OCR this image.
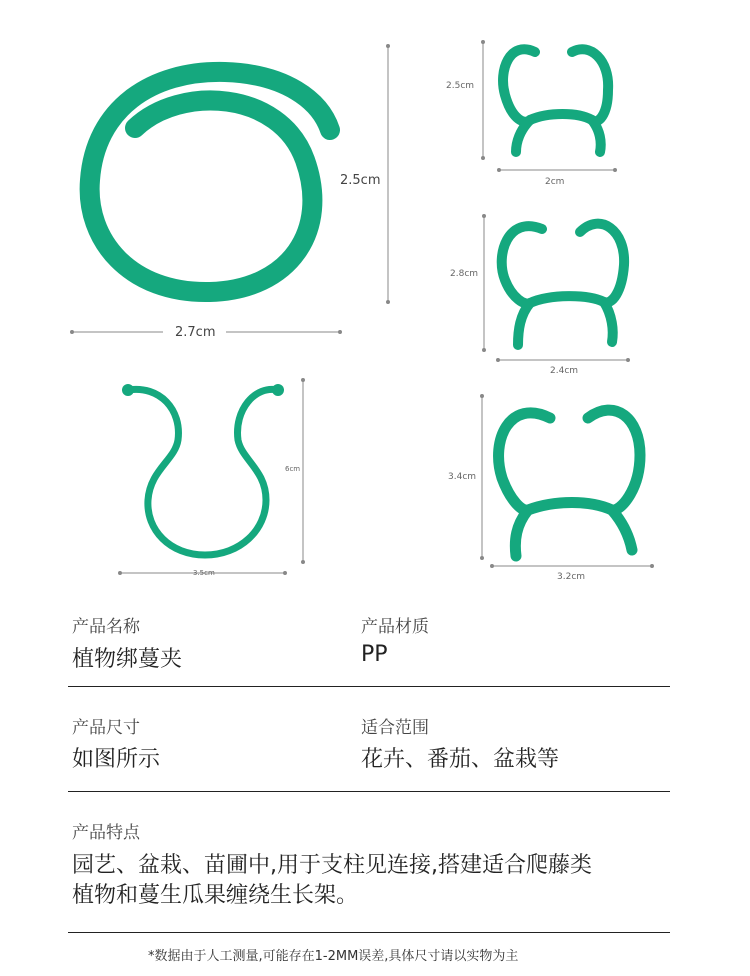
2.5cm
2.7cm
2.5cm
2cm
2.8cm
2.4cm
3.4cm
3.2cm
6cm
3.5cm
产品名称
植物绑蔓夹
产品材质
PP
产品尺寸
如图所示
适合范围
花卉、番茄、盆栽等
产品特点
园艺、盆栽、苗圃中,用于支柱见连接,搭建适合爬藤类
植物和蔓生瓜果缠绕生长架。
*数据由于人工测量,可能存在1-2MM误差,具体尺寸请以实物为主
